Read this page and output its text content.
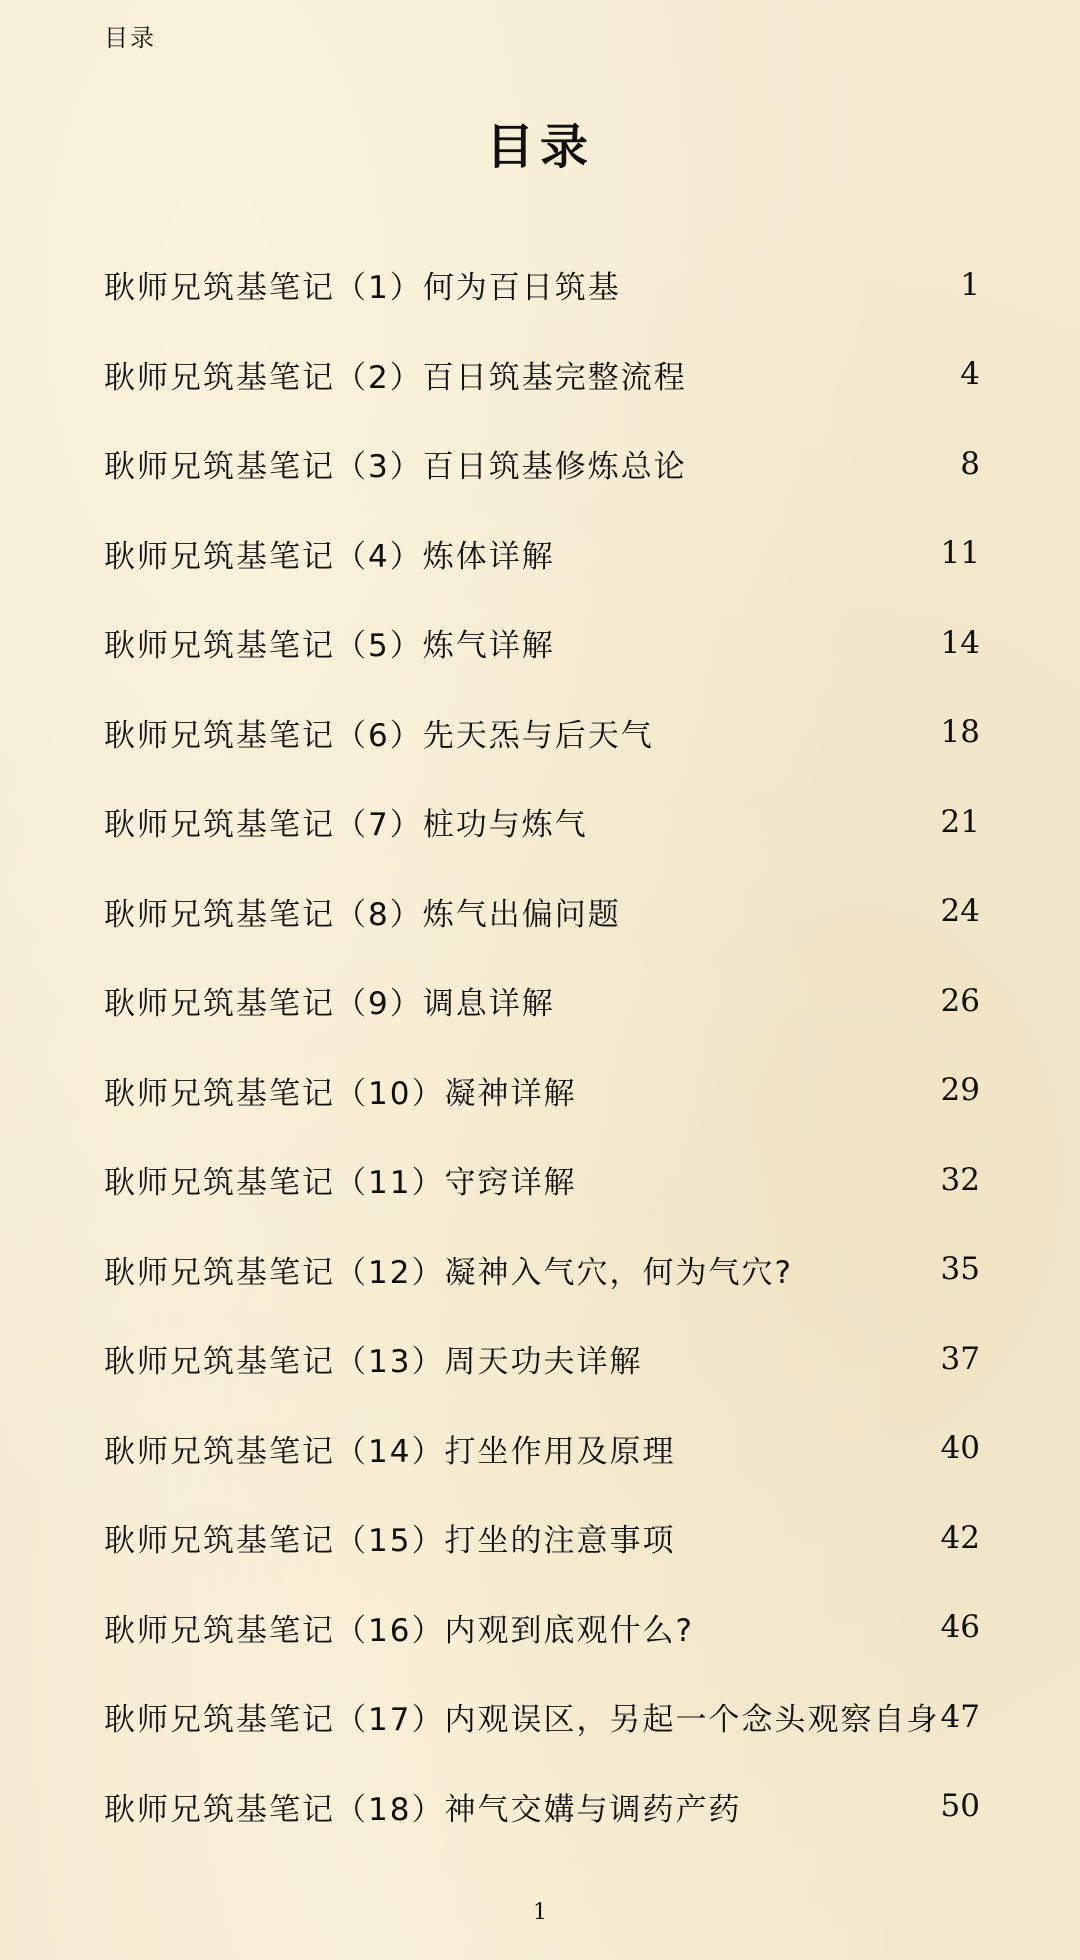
目录
目录
耿师兄筑基笔记（1）何为百日筑基	1
耿师兄筑基笔记（2）百日筑基完整流程	4
耿师兄筑基笔记（3）百日筑基修炼总论	8
耿师兄筑基笔记（4）炼体详解	11
耿师兄筑基笔记（5）炼气详解	14
耿师兄筑基笔记（6）先天炁与后天气	18
耿师兄筑基笔记（7）桩功与炼气	21
耿师兄筑基笔记（8）炼气出偏问题	24
耿师兄筑基笔记（9）调息详解	26
耿师兄筑基笔记（10）凝神详解	29
耿师兄筑基笔记（11）守窍详解	32
耿师兄筑基笔记（12）凝神入气穴，何为气穴?	35
耿师兄筑基笔记（13）周天功夫详解	37
耿师兄筑基笔记（14）打坐作用及原理	40
耿师兄筑基笔记（15）打坐的注意事项	42
耿师兄筑基笔记（16）内观到底观什么?	46
耿师兄筑基笔记（17）内观误区，另起一个念头观察自身 47
耿师兄筑基笔记（18）神气交媾与调药产药	50
1
